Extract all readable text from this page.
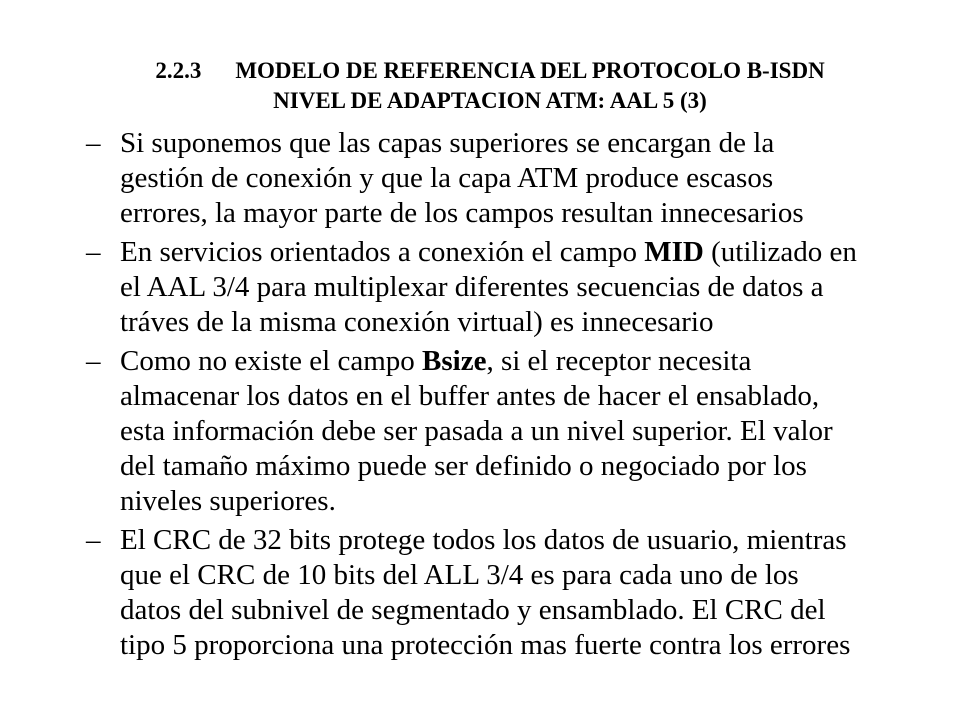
2.2.3 MODELO DE REFERENCIA DEL PROTOCOLO B-ISDN
NIVEL DE ADAPTACION ATM: AAL 5 (3)
– Si suponemos que las capas superiores se encargan de la
gestión de conexión y que la capa ATM produce escasos
errores, la mayor parte de los campos resultan innecesarios
– En servicios orientados a conexión el campo MID (utilizado en
el AAL 3/4 para multiplexar diferentes secuencias de datos a
tráves de la misma conexión virtual) es innecesario
– Como no existe el campo Bsize, si el receptor necesita
almacenar los datos en el buffer antes de hacer el ensablado,
esta información debe ser pasada a un nivel superior. El valor
del tamaño máximo puede ser definido o negociado por los
niveles superiores.
– El CRC de 32 bits protege todos los datos de usuario, mientras
que el CRC de 10 bits del ALL 3/4 es para cada uno de los
datos del subnivel de segmentado y ensamblado. El CRC del
tipo 5 proporciona una protección mas fuerte contra los errores
